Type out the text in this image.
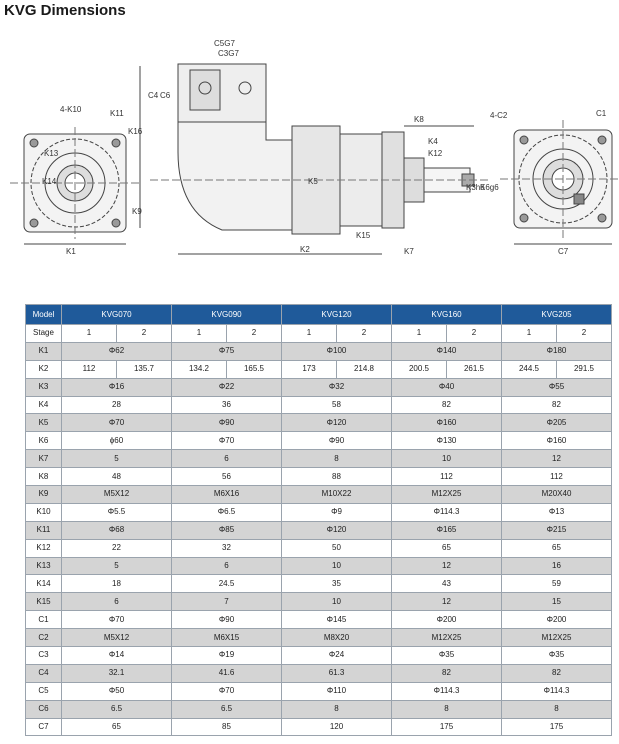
KVG Dimensions
4-K10	K11
K13
K14
K9
K1
C5G7
C3G7
C4 C6
K16
K5
K2
K15
K7
K8
K4
K12
K3h6
K6g6
4-C2	C1
C7
Model	KVG070		KVG090		KVG120		KVG160		KVG205	
Stage	1	2	1	2	1	2	1	2	1	2
K1	Φ62		Φ75		Φ100		Φ140		Φ180	
K2	112	135.7	134.2	165.5	173	214.8	200.5	261.5	244.5	291.5
K3	Φ16		Φ22		Φ32		Φ40		Φ55	
K4	28		36		58		82		82	
K5	Φ70		Φ90		Φ120		Φ160		Φ205	
K6	ϕ60		Φ70		Φ90		Φ130		Φ160	
K7	5		6		8		10		12	
K8	48		56		88		112		112	
K9	M5X12		M6X16		M10X22		M12X25		M20X40	
K10	Φ5.5		Φ6.5		Φ9		Φ114.3		Φ13	
K11	Φ68		Φ85		Φ120		Φ165		Φ215	
K12	22		32		50		65		65	
K13	5		6		10		12		16	
K14	18		24.5		35		43		59	
K15	6		7		10		12		15	
C1	Φ70		Φ90		Φ145		Φ200		Φ200	
C2	M5X12		M6X15		M8X20		M12X25		M12X25	
C3	Φ14		Φ19		Φ24		Φ35		Φ35	
C4	32.1		41.6		61.3		82		82	
C5	Φ50		Φ70		Φ110		Φ114.3		Φ114.3	
C6	6.5		6.5		8		8		8	
C7	65		85		120		175		175	
